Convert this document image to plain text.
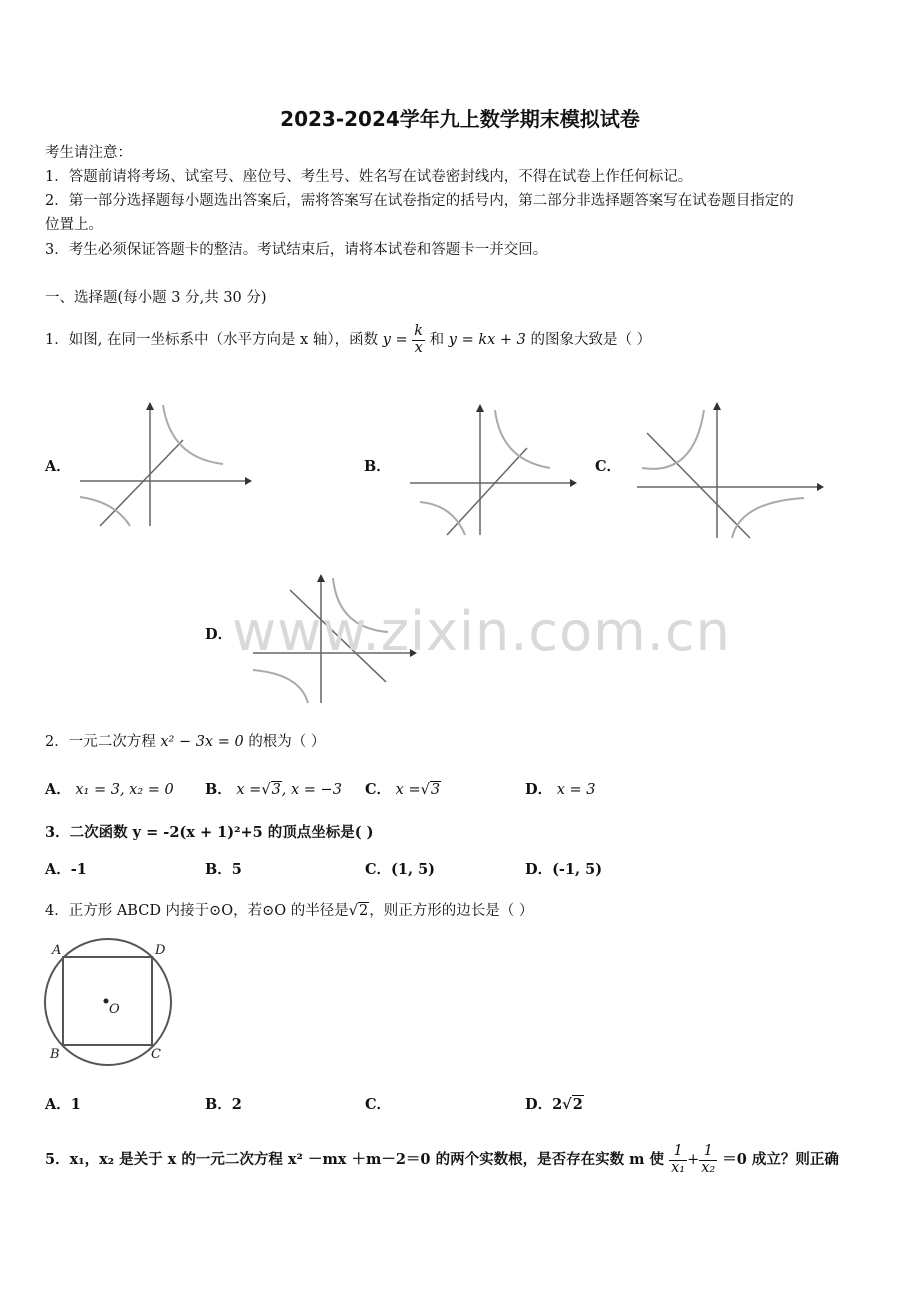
2023-2024学年九上数学期末模拟试卷
考生请注意：
1．答题前请将考场、试室号、座位号、考生号、姓名写在试卷密封线内，不得在试卷上作任何标记。
2．第一部分选择题每小题选出答案后，需将答案写在试卷指定的括号内，第二部分非选择题答案写在试卷题目指定的
位置上。
3．考生必须保证答题卡的整洁。考试结束后，请将本试卷和答题卡一并交回。
一、选择题(每小题 3 分,共 30 分)
1．如图, 在同一坐标系中（水平方向是 x 轴），函数 $y = \frac{k}{x}$ 和 y = kx + 3 的图象大致是（ ）
A．	B．	C．
D． www.zixin.com.cn
2．一元二次方程 x² − 3x = 0 的根为（ ）
A． x₁ = 3, x₂ = 0 B． x =√3, x = −3 C． x =√3	D． x = 3
3．二次函数 y = -2(x + 1)²+5 的顶点坐标是( )
A．-1	B．5	C．(1, 5)	D．(-1, 5)
4．正方形 ABCD 内接于⊙O，若⊙O 的半径是√2，则正方形的边长是（ ）
A	D
B	C
O
A．1	B．2	C．	D．2√2
5．x₁，x₂ 是关于 x 的一元二次方程 x² －mx ＋m－2＝0 的两个实数根，是否存在实数 m 使 $\frac{1}{\text{x₁}} + \frac{1}{\text{x₂}} =0$ 成立？则正确
